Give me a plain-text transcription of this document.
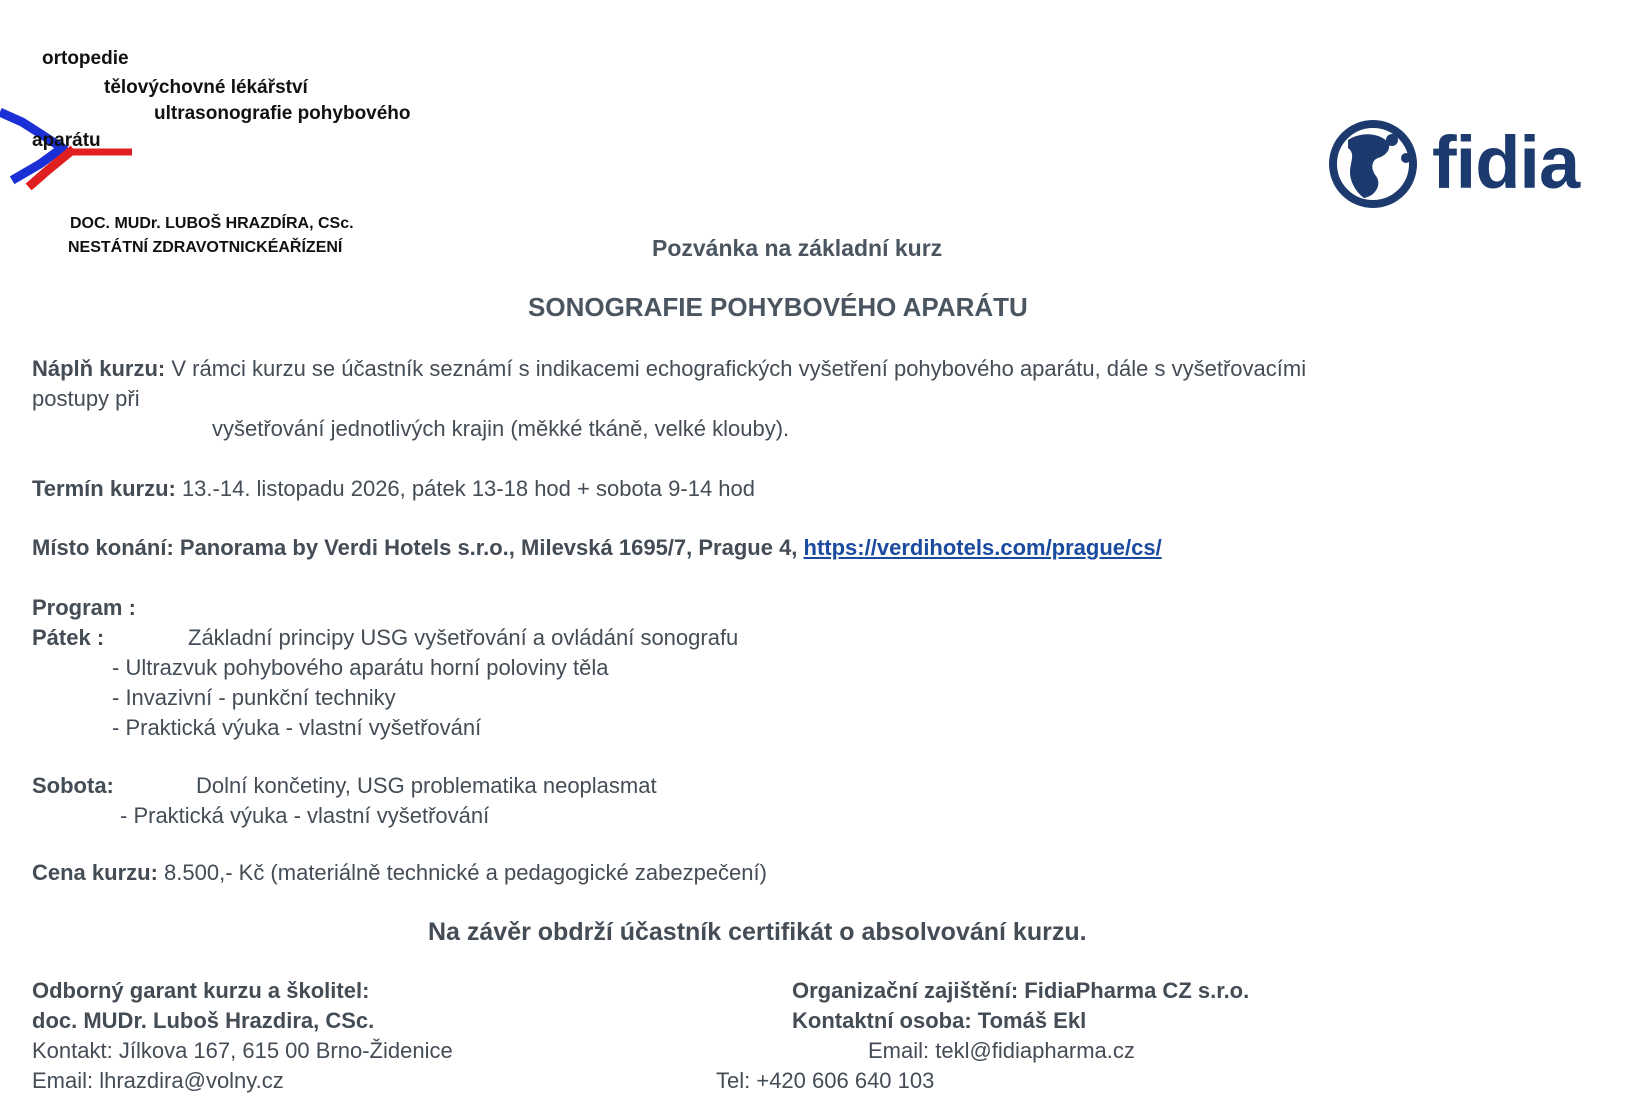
ortopedie
tělovýchovné lékářství
ultrasonografie pohybového
aparátu
DOC. MUDr. LUBOŠ HRAZDÍRA, CSc.
NESTÁTNÍ ZDRAVOTNICKÉAŘÍZENÍ
fidia
Pozvánka na základní kurz
SONOGRAFIE POHYBOVÉHO APARÁTU
Náplň kurzu: V rámci kurzu se účastník seznámí s indikacemi echografických vyšetření pohybového aparátu, dále s vyšetřovacími
postupy při
vyšetřování jednotlivých krajin (měkké tkáně, velké klouby).
Termín kurzu: 13.-14. listopadu 2026, pátek 13-18 hod + sobota 9-14 hod
Místo konání: Panorama by Verdi Hotels s.r.o., Milevská 1695/7, Prague 4, https://verdihotels.com/prague/cs/
Program :
Pátek :	Základní principy USG vyšetřování a ovládání sonografu
- Ultrazvuk pohybového aparátu horní poloviny těla
- Invazivní - punkční techniky
- Praktická výuka - vlastní vyšetřování
Sobota:	Dolní končetiny, USG problematika neoplasmat
- Praktická výuka - vlastní vyšetřování
Cena kurzu: 8.500,- Kč (materiálně technické a pedagogické zabezpečení)
Na závěr obdrží účastník certifikát o absolvování kurzu.
Odborný garant kurzu a školitel:
doc. MUDr. Luboš Hrazdira, CSc.
Kontakt: Jílkova 167, 615 00 Brno-Židenice
Email: lhrazdira@volny.cz
Organizační zajištění: FidiaPharma CZ s.r.o.
Kontaktní osoba: Tomáš Ekl
Email: tekl@fidiapharma.cz
Tel: +420 606 640 103
